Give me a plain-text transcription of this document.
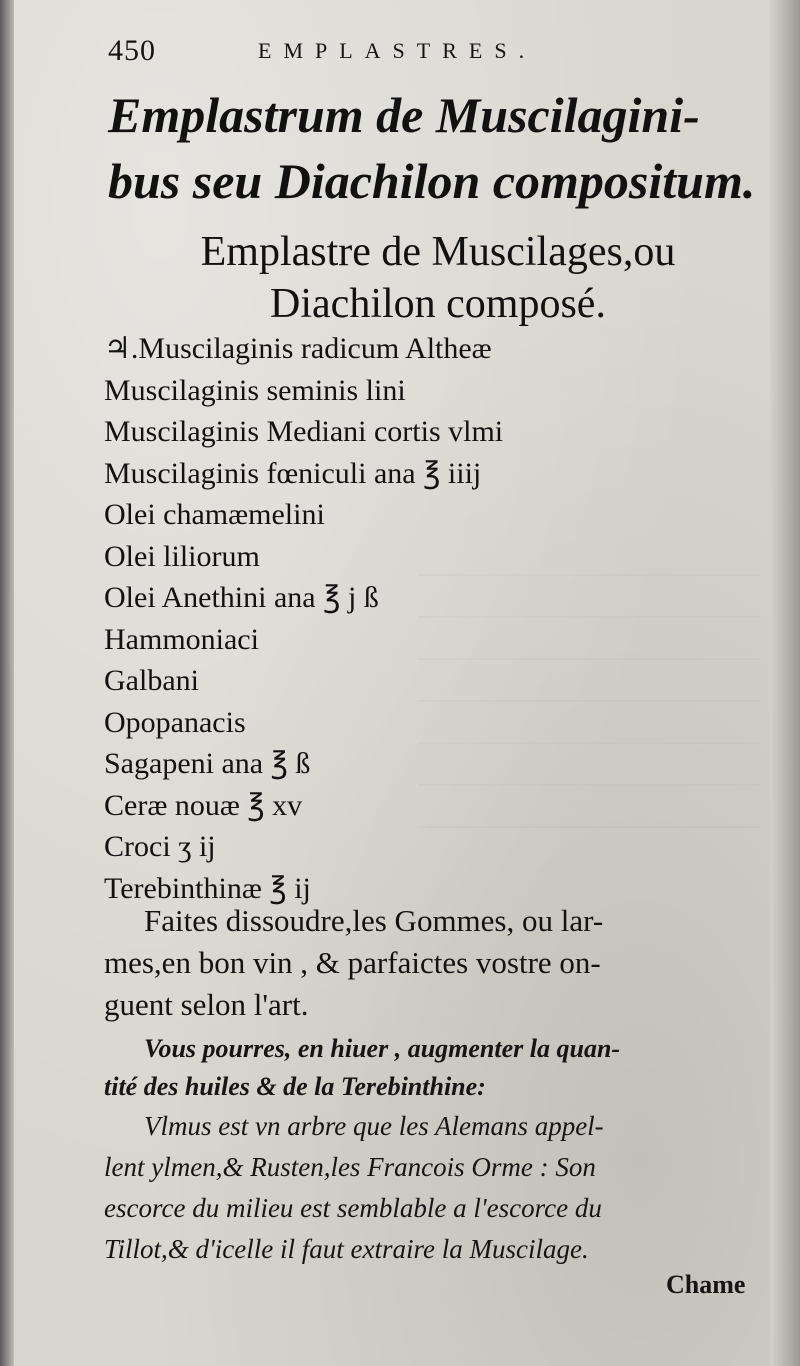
450	EMPLASTRES.
Emplastrum de Muscilagini-
bus seu Diachilon compositum.
Emplastre de Muscilages,ou
Diachilon composé.
♃.Muscilaginis radicum Altheæ
Muscilaginis seminis lini
Muscilaginis Mediani cortis vlmi
Muscilaginis fœniculi ana ℥ iiij
Olei chamæmelini
Olei liliorum
Olei Anethini ana ℥ j ß
Hammoniaci
Galbani
Opopanacis
Sagapeni ana ℥ ß
Ceræ nouæ ℥ xv
Croci ʒ ij
Terebinthinæ ℥ ij
Faites dissoudre,les Gommes, ou lar-
mes,en bon vin , & parfaictes vostre on-
guent selon l'art.
Vous pourres, en hiuer , augmenter la quan-
tité des huiles & de la Terebinthine:
Vlmus est vn arbre que les Alemans appel-
lent ylmen,& Rusten,les Francois Orme : Son
escorce du milieu est semblable a l'escorce du
Tillot,& d'icelle il faut extraire la Muscilage.
Chame
